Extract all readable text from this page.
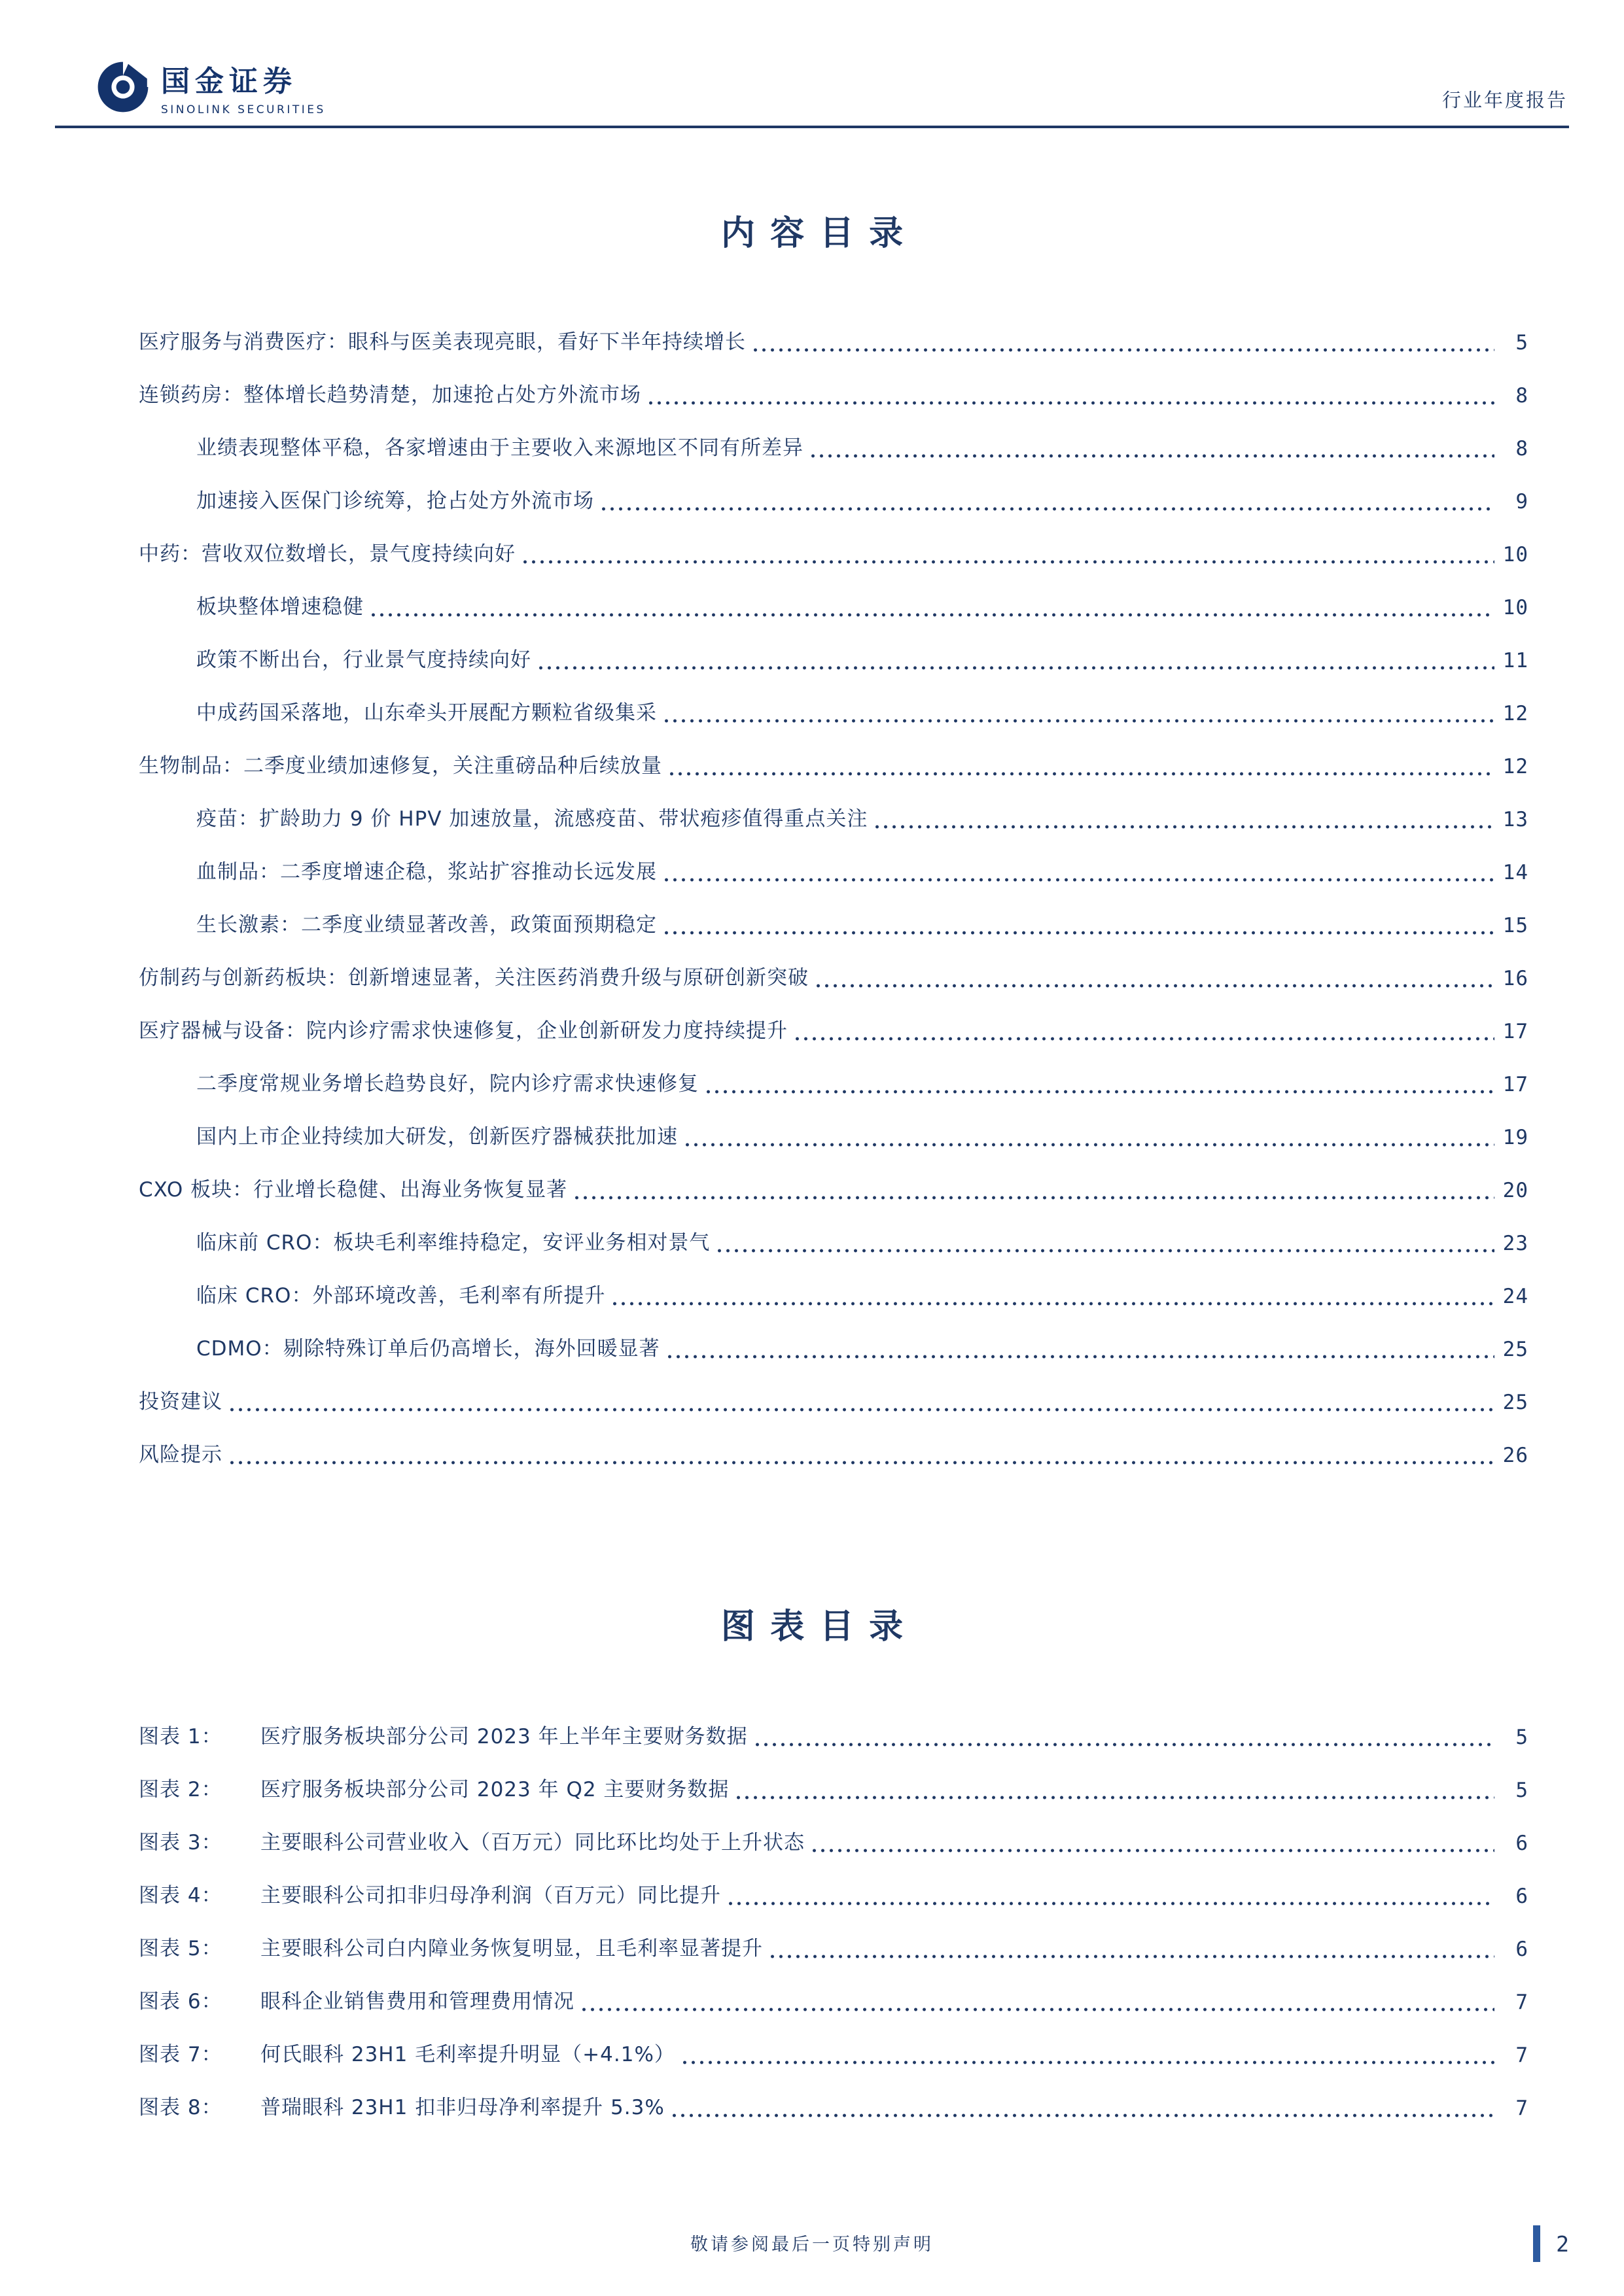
国金证券
SINOLINK SECURITIES	行业年度报告
内容目录
医疗服务与消费医疗：眼科与医美表现亮眼，看好下半年持续增长	5
连锁药房：整体增长趋势清楚，加速抢占处方外流市场	8
业绩表现整体平稳，各家增速由于主要收入来源地区不同有所差异	8
加速接入医保门诊统筹，抢占处方外流市场	9
中药：营收双位数增长，景气度持续向好	10
板块整体增速稳健	10
政策不断出台，行业景气度持续向好	11
中成药国采落地，山东牵头开展配方颗粒省级集采	12
生物制品：二季度业绩加速修复，关注重磅品种后续放量	12
疫苗：扩龄助力 9 价 HPV 加速放量，流感疫苗、带状疱疹值得重点关注	13
血制品：二季度增速企稳，浆站扩容推动长远发展	14
生长激素：二季度业绩显著改善，政策面预期稳定	15
仿制药与创新药板块：创新增速显著，关注医药消费升级与原研创新突破	16
医疗器械与设备：院内诊疗需求快速修复，企业创新研发力度持续提升	17
二季度常规业务增长趋势良好，院内诊疗需求快速修复	17
国内上市企业持续加大研发，创新医疗器械获批加速	19
CXO 板块：行业增长稳健、出海业务恢复显著	20
临床前 CRO：板块毛利率维持稳定，安评业务相对景气	23
临床 CRO：外部环境改善，毛利率有所提升	24
CDMO：剔除特殊订单后仍高增长，海外回暖显著	25
投资建议	25
风险提示	26
图表目录
图表 1：	医疗服务板块部分公司 2023 年上半年主要财务数据	5
图表 2：	医疗服务板块部分公司 2023 年 Q2 主要财务数据	5
图表 3：	主要眼科公司营业收入（百万元）同比环比均处于上升状态	6
图表 4：	主要眼科公司扣非归母净利润（百万元）同比提升	6
图表 5：	主要眼科公司白内障业务恢复明显，且毛利率显著提升	6
图表 6：	眼科企业销售费用和管理费用情况	7
图表 7：	何氏眼科 23H1 毛利率提升明显（+4.1%）	7
图表 8：	普瑞眼科 23H1 扣非归母净利率提升 5.3%	7
敬请参阅最后一页特别声明	2
